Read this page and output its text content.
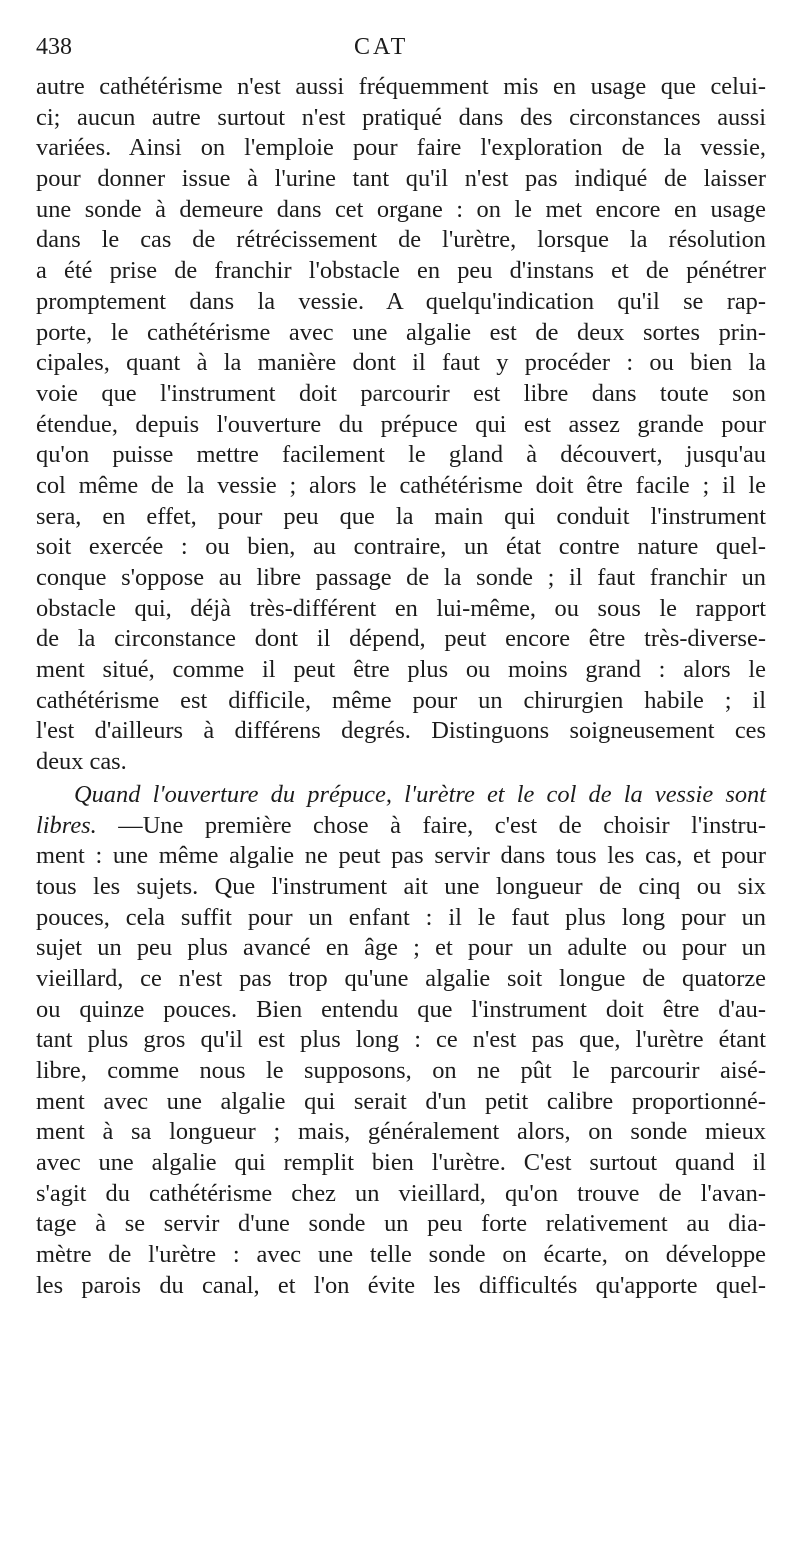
438	CAT
autre cathétérisme n'est aussi fréquemment mis en usage que celui-
ci; aucun autre surtout n'est pratiqué dans des circonstances aussi
variées. Ainsi on l'emploie pour faire l'exploration de la vessie,
pour donner issue à l'urine tant qu'il n'est pas indiqué de laisser
une sonde à demeure dans cet organe : on le met encore en usage
dans le cas de rétrécissement de l'urètre, lorsque la résolution
a été prise de franchir l'obstacle en peu d'instans et de pénétrer
promptement dans la vessie. A quelqu'indication qu'il se rap-
porte, le cathétérisme avec une algalie est de deux sortes prin-
cipales, quant à la manière dont il faut y procéder : ou bien la
voie que l'instrument doit parcourir est libre dans toute son
étendue, depuis l'ouverture du prépuce qui est assez grande pour
qu'on puisse mettre facilement le gland à découvert, jusqu'au
col même de la vessie ; alors le cathétérisme doit être facile ; il le
sera, en effet, pour peu que la main qui conduit l'instrument
soit exercée : ou bien, au contraire, un état contre nature quel-
conque s'oppose au libre passage de la sonde ; il faut franchir un
obstacle qui, déjà très-différent en lui-même, ou sous le rapport
de la circonstance dont il dépend, peut encore être très-diverse-
ment situé, comme il peut être plus ou moins grand : alors le
cathétérisme est difficile, même pour un chirurgien habile ; il
l'est d'ailleurs à différens degrés. Distinguons soigneusement ces
deux cas.
Quand l'ouverture du prépuce, l'urètre et le col de la vessie sont
libres. —Une première chose à faire, c'est de choisir l'instru-
ment : une même algalie ne peut pas servir dans tous les cas, et pour
tous les sujets. Que l'instrument ait une longueur de cinq ou six
pouces, cela suffit pour un enfant : il le faut plus long pour un
sujet un peu plus avancé en âge ; et pour un adulte ou pour un
vieillard, ce n'est pas trop qu'une algalie soit longue de quatorze
ou quinze pouces. Bien entendu que l'instrument doit être d'au-
tant plus gros qu'il est plus long : ce n'est pas que, l'urètre étant
libre, comme nous le supposons, on ne pût le parcourir aisé-
ment avec une algalie qui serait d'un petit calibre proportionné-
ment à sa longueur ; mais, généralement alors, on sonde mieux
avec une algalie qui remplit bien l'urètre. C'est surtout quand il
s'agit du cathétérisme chez un vieillard, qu'on trouve de l'avan-
tage à se servir d'une sonde un peu forte relativement au dia-
mètre de l'urètre : avec une telle sonde on écarte, on développe
les parois du canal, et l'on évite les difficultés qu'apporte quel-
